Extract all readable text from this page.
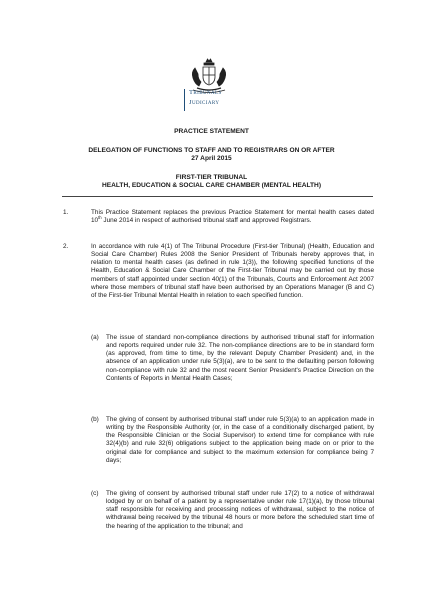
Tribunals
Judiciary
PRACTICE STATEMENT
DELEGATION OF FUNCTIONS TO STAFF AND TO REGISTRARS ON OR AFTER
27 April 2015
FIRST-TIER TRIBUNAL
HEALTH, EDUCATION & SOCIAL CARE CHAMBER (MENTAL HEALTH)
1.	This Practice Statement replaces the previous Practice Statement for mental health cases dated 10th June 2014 in respect of authorised tribunal staff and approved Registrars.
2.	In accordance with rule 4(1) of The Tribunal Procedure (First-tier Tribunal) (Health, Education and Social Care Chamber) Rules 2008 the Senior President of Tribunals hereby approves that, in relation to mental health cases (as defined in rule 1(3)), the following specified functions of the Health, Education & Social Care Chamber of the First-tier Tribunal may be carried out by those members of staff appointed under section 40(1) of the Tribunals, Courts and Enforcement Act 2007 where those members of tribunal staff have been authorised by an Operations Manager (B and C) of the First-tier Tribunal Mental Health in relation to each specified function.
(a) The issue of standard non-compliance directions by authorised tribunal staff for information and reports required under rule 32. The non-compliance directions are to be in standard form (as approved, from time to time, by the relevant Deputy Chamber President) and, in the absence of an application under rule 5(3)(a), are to be sent to the defaulting person following non-compliance with rule 32 and the most recent Senior President's Practice Direction on the Contents of Reports in Mental Health Cases;
(b) The giving of consent by authorised tribunal staff under rule 5(3)(a) to an application made in writing by the Responsible Authority (or, in the case of a conditionally discharged patient, by the Responsible Clinician or the Social Supervisor) to extend time for compliance with rule 32(4)(b) and rule 32(6) obligations subject to the application being made on or prior to the original date for compliance and subject to the maximum extension for compliance being 7 days;
(c) The giving of consent by authorised tribunal staff under rule 17(2) to a notice of withdrawal lodged by or on behalf of a patient by a representative under rule 17(1)(a), by those tribunal staff responsible for receiving and processing notices of withdrawal, subject to the notice of withdrawal being received by the tribunal 48 hours or more before the scheduled start time of the hearing of the application to the tribunal; and
